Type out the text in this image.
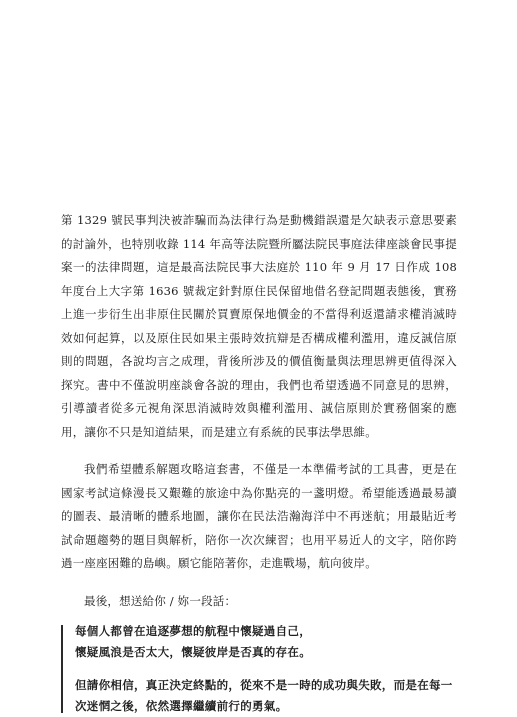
第 1329 號民事判決被詐騙而為法律行為是動機錯誤還是欠缺表示意思要素的討論外，也特別收錄 114 年高等法院暨所屬法院民事庭法律座談會民事提案一的法律問題，這是最高法院民事大法庭於 110 年 9 月 17 日作成 108 年度台上大字第 1636 號裁定針對原住民保留地借名登記問題表態後，實務上進一步衍生出非原住民關於買賣原保地價金的不當得利返還請求權消滅時效如何起算，以及原住民如果主張時效抗辯是否構成權利濫用，違反誠信原則的問題，各說均言之成理，背後所涉及的價值衡量與法理思辨更值得深入探究。書中不僅說明座談會各說的理由，我們也希望透過不同意見的思辨，引導讀者從多元視角深思消滅時效與權利濫用、誠信原則於實務個案的應用，讓你不只是知道結果，而是建立有系統的民事法學思維。

我們希望體系解題攻略這套書，不僅是一本準備考試的工具書，更是在國家考試這條漫長又艱難的旅途中為你點亮的一盞明燈。希望能透過最易讀的圖表、最清晰的體系地圖，讓你在民法浩瀚海洋中不再迷航；用最貼近考試命題趨勢的題目與解析，陪你一次次練習；也用平易近人的文字，陪你跨過一座座困難的島嶼。願它能陪著你，走進戰場，航向彼岸。

最後，想送給你 / 妳一段話：

每個人都曾在追逐夢想的航程中懷疑過自己，
懷疑風浪是否太大，懷疑彼岸是否真的存在。

但請你相信，真正決定終點的，從來不是一時的成功與失敗，而是在每一次迷惘之後，依然選擇繼續前行的勇氣。
